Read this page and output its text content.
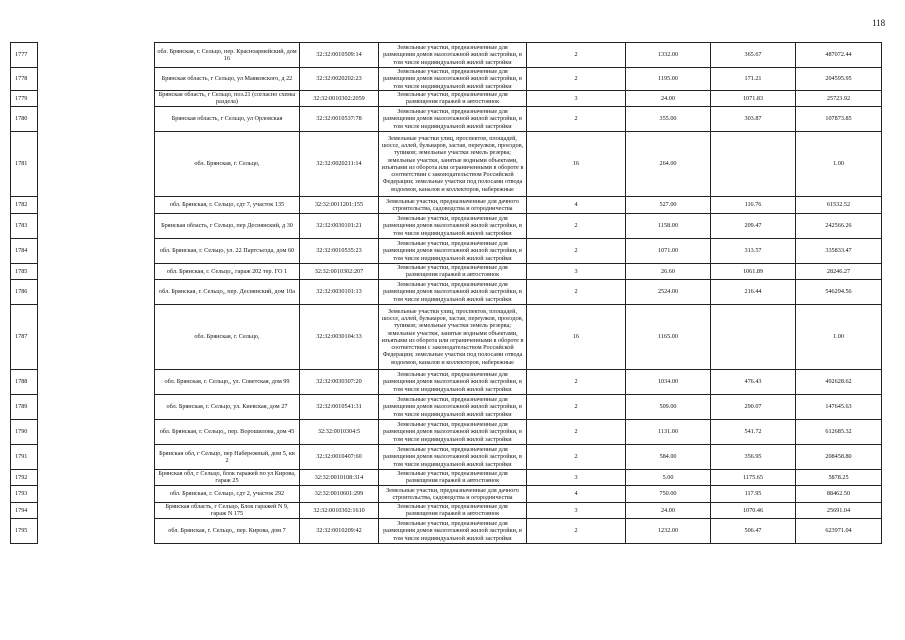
118
1777		обл. Брянская, г. Сельцо, пер. Красноармейский, дом 16	32:32:0010509:14	Земельные участки, предназначенные для размещения домов малоэтажной жилой застройки, в том числе индивидуальной жилой застройки	2	1332.00	365.67	487072.44
1778		Брянская область, г Сельцо, ул Маяковского, д 22	32:32:0020202:23	Земельные участки, предназначенные для размещения домов малоэтажной жилой застройки, в том числе индивидуальной жилой застройки	2	1195.00	171.21	204595.95
1779		Брянская область, г Сельцо, поз.21 (согласно схемы раздела)	32:32:0010302:2059	Земельные участки, предназначенные для размещения гаражей и автостоянок	3	24.00	1071.83	25723.92
1780		Брянская область, г Сельцо, ул Орловская	32:32:0010537:78	Земельные участки, предназначенные для размещения домов малоэтажной жилой застройки, в том числе индивидуальной жилой застройки	2	355.00	303.87	107873.85
1781		обл. Брянская, г. Сельцо,	32:32:0020211:14	Земельные участки улиц, проспектов, площадей, шоссе, аллей, бульваров, застав, переулков, проездов, тупиков; земельные участки земель резерва; земельные участки, занятые водными объектами, изъятыми из оборота или ограниченными в обороте в соответствии с законодательством Российской Федерации; земельные участки под полосами отвода водоемов, каналов и коллекторов, набережные	16	264.00		1.00
1782		обл. Брянская, г. Сельцо, сдт 7, участок 135	32:32:0011201:155	Земельные участки, предназначенные для дачного строительства, садоводства и огородничества	4	527.00	116.76	61532.52
1783		Брянская область, г Сельцо, пер Деснянский, д 30	32:32:0030101:21	Земельные участки, предназначенные для размещения домов малоэтажной жилой застройки, в том числе индивидуальной жилой застройки	2	1158.00	209.47	242566.26
1784		обл. Брянская, г. Сельцо, ул. 22 Партсъезда, дом 60	32:32:0010535:23	Земельные участки, предназначенные для размещения домов малоэтажной жилой застройки, в том числе индивидуальной жилой застройки	2	1071.00	313.57	335833.47
1785		обл. Брянская, г. Сельцо,, гараж 202 тер. ГО 1	32:32:0010302:207	Земельные участки, предназначенные для размещения гаражей и автостоянок	3	26.60	1061.89	28246.27
1786		обл. Брянская, г. Сельцо,, пер. Деснянский, дом 10а	32:32:0030101:13	Земельные участки, предназначенные для размещения домов малоэтажной жилой застройки, в том числе индивидуальной жилой застройки	2	2524.00	216.44	546294.56
1787		обл. Брянская, г. Сельцо,	32:32:0030104:33	Земельные участки улиц, проспектов, площадей, шоссе, аллей, бульваров, застав, переулков, проездов, тупиков; земельные участки земель резерва; земельные участки, занятые водными объектами, изъятыми из оборота или ограниченными в обороте в соответствии с законодательством Российской Федерации; земельные участки под полосами отвода водоемов, каналов и коллекторов, набережные	16	1165.00		1.00
1788		обл. Брянская, г. Сельцо,, ул. Советская, дом 99	32:32:0030307:20	Земельные участки, предназначенные для размещения домов малоэтажной жилой застройки, в том числе индивидуальной жилой застройки	2	1034.00	476.43	492628.62
1789		обл. Брянская, г. Сельцо, ул. Киевская, дом 27	32:32:0010541:31	Земельные участки, предназначенные для размещения домов малоэтажной жилой застройки, в том числе индивидуальной жилой застройки	2	509.00	290.07	147645.63
1790		обл. Брянская, г. Сельцо,, пер. Ворошилова, дом 45	32:32:0010304:5	Земельные участки, предназначенные для размещения домов малоэтажной жилой застройки, в том числе индивидуальной жилой застройки	2	1131.00	541.72	612685.32
1791		Брянская обл, г Сельцо, пер Набережный, дом 5, кв 2	32:32:0010407:60	Земельные участки, предназначенные для размещения домов малоэтажной жилой застройки, в том числе индивидуальной жилой застройки	2	584.00	356.95	208458.80
1792		Брянская обл, г Сельцо, блок гаражей по ул Кирова, гараж 25	32:32:0010108:314	Земельные участки, предназначенные для размещения гаражей и автостоянок	3	5.00	1175.65	5878.25
1793		обл. Брянская, г. Сельцо, сдт 2, участок 292	32:32:0010601:299	Земельные участки, предназначенные для дачного строительства, садоводства и огородничества	4	750.00	117.95	88462.50
1794		Брянская область, г Сельцо, Блок гаражей N 9, гараж N 175	32:32:0010302:1610	Земельные участки, предназначенные для размещения гаражей и автостоянок	3	24.00	1070.46	25691.04
1795		обл. Брянская, г. Сельцо,, пер. Кирова, дом 7	32:32:0010209:42	Земельные участки, предназначенные для размещения домов малоэтажной жилой застройки, в том числе индивидуальной жилой застройки	2	1232.00	506.47	623971.04
